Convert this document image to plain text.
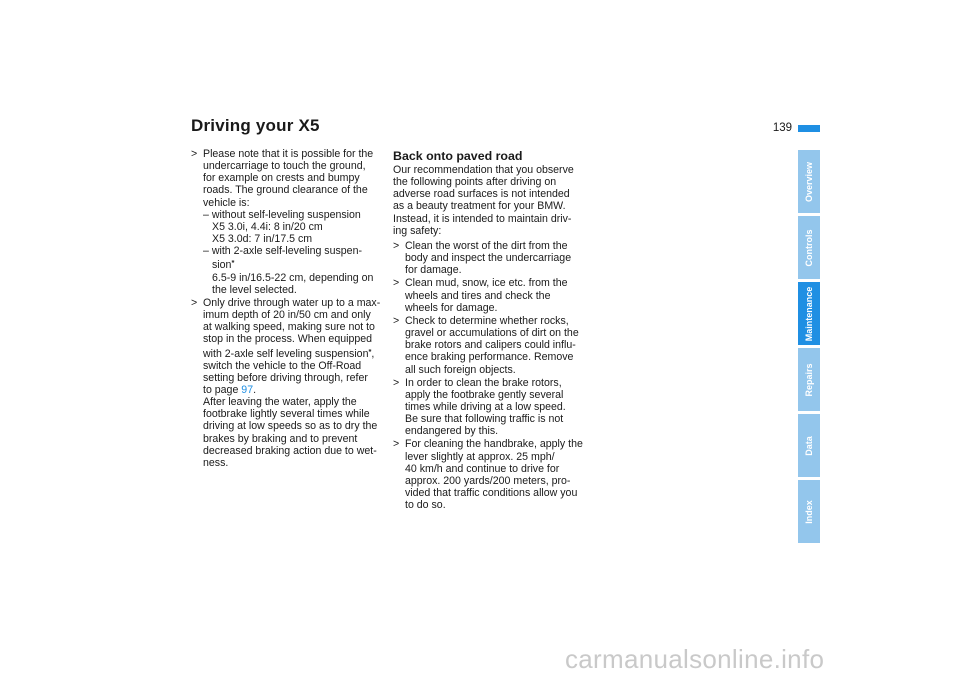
Driving your X5	139
> Please note that it is possible for the
undercarriage to touch the ground,
for example on crests and bumpy
roads. The ground clearance of the
vehicle is:
– without self-leveling suspension
X5 3.0i, 4.4i: 8 in/20 cm
X5 3.0d: 7 in/17.5 cm
– with 2-axle self-leveling suspen-
sion*
6.5-9 in/16.5-22 cm, depending on
the level selected.
> Only drive through water up to a max-
imum depth of 20 in/50 cm and only
at walking speed, making sure not to
stop in the process. When equipped
with 2-axle self leveling suspension*,
switch the vehicle to the Off-Road
setting before driving through, refer
to page 97.
After leaving the water, apply the
footbrake lightly several times while
driving at low speeds so as to dry the
brakes by braking and to prevent
decreased braking action due to wet-
ness.
Back onto paved road
Our recommendation that you observe
the following points after driving on
adverse road surfaces is not intended
as a beauty treatment for your BMW.
Instead, it is intended to maintain driv-
ing safety:
> Clean the worst of the dirt from the
body and inspect the undercarriage
for damage.
> Clean mud, snow, ice etc. from the
wheels and tires and check the
wheels for damage.
> Check to determine whether rocks,
gravel or accumulations of dirt on the
brake rotors and calipers could influ-
ence braking performance. Remove
all such foreign objects.
> In order to clean the brake rotors,
apply the footbrake gently several
times while driving at a low speed.
Be sure that following traffic is not
endangered by this.
> For cleaning the handbrake, apply the
lever slightly at approx. 25 mph/
40 km/h and continue to drive for
approx. 200 yards/200 meters, pro-
vided that traffic conditions allow you
to do so.
Overview
Controls
Maintenance
Repairs
Data
Index
carmanualsonline.info
